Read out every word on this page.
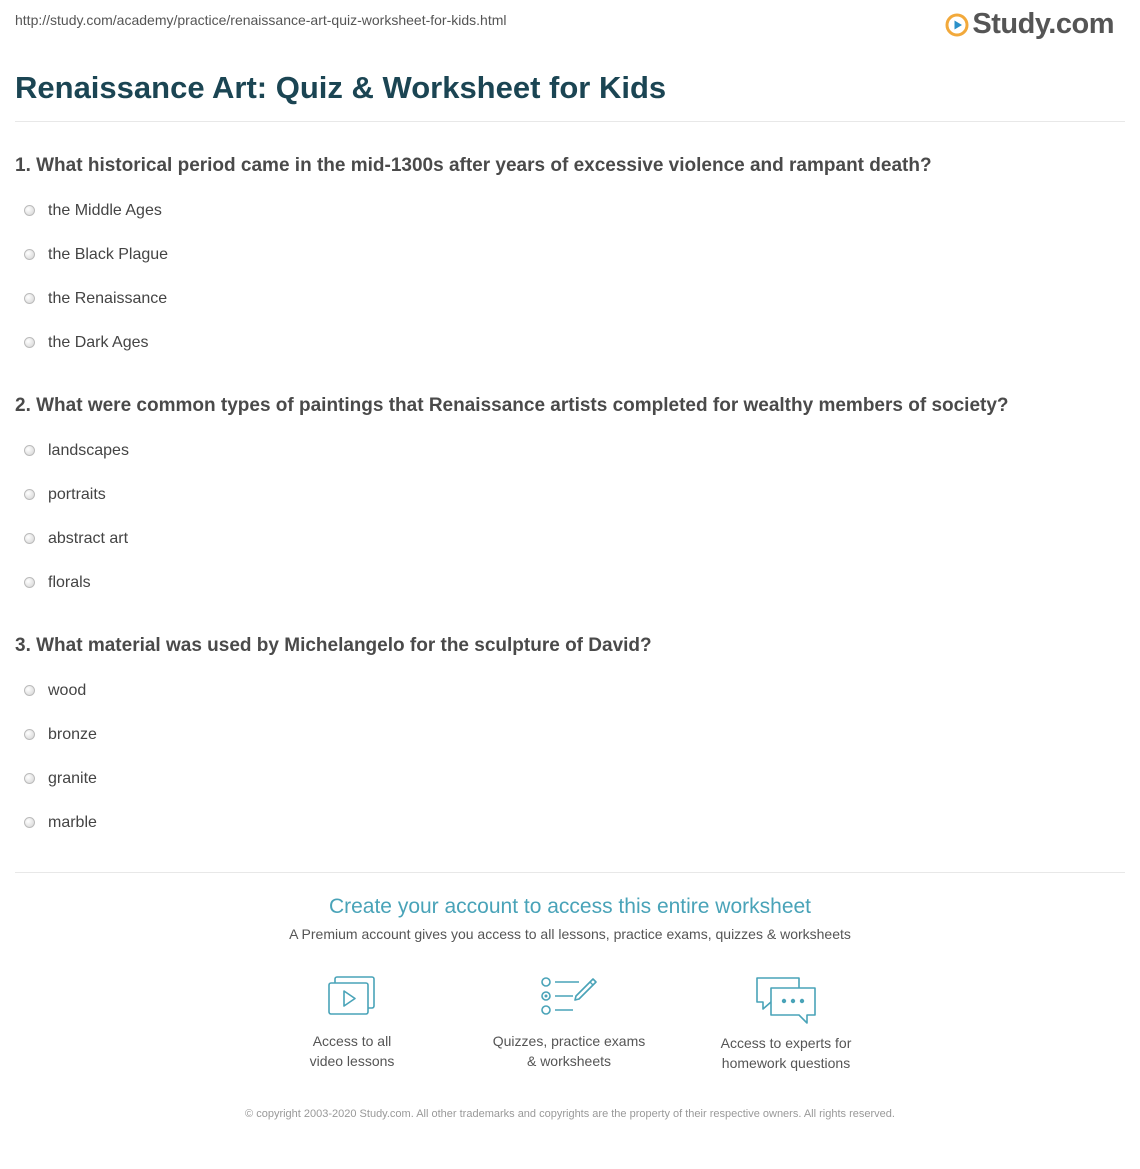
http://study.com/academy/practice/renaissance-art-quiz-worksheet-for-kids.html	Study.com
Renaissance Art: Quiz & Worksheet for Kids
1. What historical period came in the mid-1300s after years of excessive violence and rampant death?
the Middle Ages
the Black Plague
the Renaissance
the Dark Ages
2. What were common types of paintings that Renaissance artists completed for wealthy members of society?
landscapes
portraits
abstract art
florals
3. What material was used by Michelangelo for the sculpture of David?
wood
bronze
granite
marble
Create your account to access this entire worksheet
A Premium account gives you access to all lessons, practice exams, quizzes & worksheets
Access to all
video lessons
Quizzes, practice exams
& worksheets
Access to experts for
homework questions
© copyright 2003-2020 Study.com. All other trademarks and copyrights are the property of their respective owners. All rights reserved.
